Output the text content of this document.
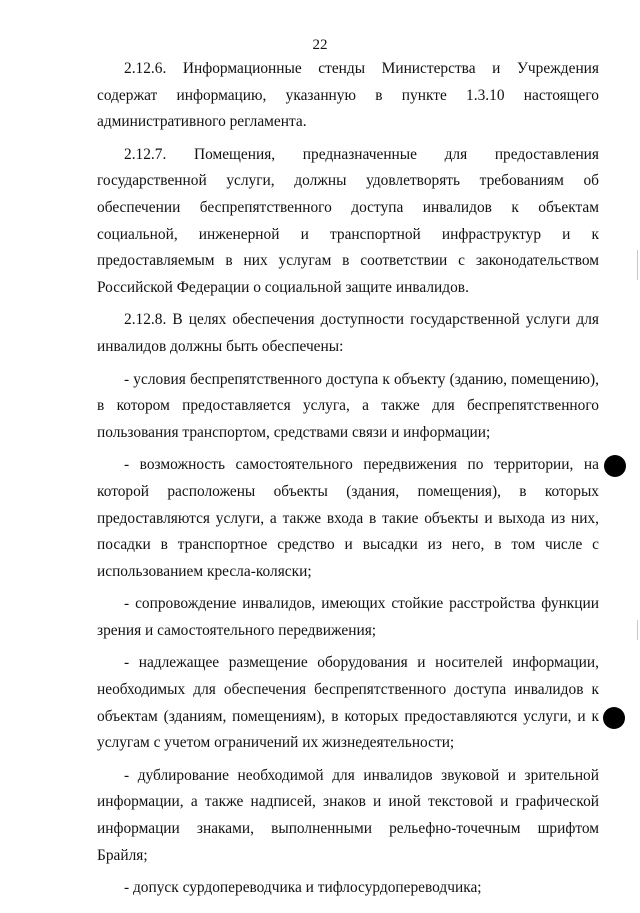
22

2.12.6. Информационные стенды Министерства и Учреждения содержат информацию, указанную в пункте 1.3.10 настоящего административного регламента.

2.12.7. Помещения, предназначенные для предоставления государственной услуги, должны удовлетворять требованиям об обеспечении беспрепятственного доступа инвалидов к объектам социальной, инженерной и транспортной инфраструктур и к предоставляемым в них услугам в соответствии с законодательством Российской Федерации о социальной защите инвалидов.

2.12.8. В целях обеспечения доступности государственной услуги для инвалидов должны быть обеспечены:

- условия беспрепятственного доступа к объекту (зданию, помещению), в котором предоставляется услуга, а также для беспрепятственного пользования транспортом, средствами связи и информации;

- возможность самостоятельного передвижения по территории, на которой расположены объекты (здания, помещения), в которых предоставляются услуги, а также входа в такие объекты и выхода из них, посадки в транспортное средство и высадки из него, в том числе с использованием кресла-коляски;

- сопровождение инвалидов, имеющих стойкие расстройства функции зрения и самостоятельного передвижения;

- надлежащее размещение оборудования и носителей информации, необходимых для обеспечения беспрепятственного доступа инвалидов к объектам (зданиям, помещениям), в которых предоставляются услуги, и к услугам с учетом ограничений их жизнедеятельности;

- дублирование необходимой для инвалидов звуковой и зрительной информации, а также надписей, знаков и иной текстовой и графической информации знаками, выполненными рельефно-точечным шрифтом Брайля;

- допуск сурдопереводчика и тифлосурдопереводчика;
